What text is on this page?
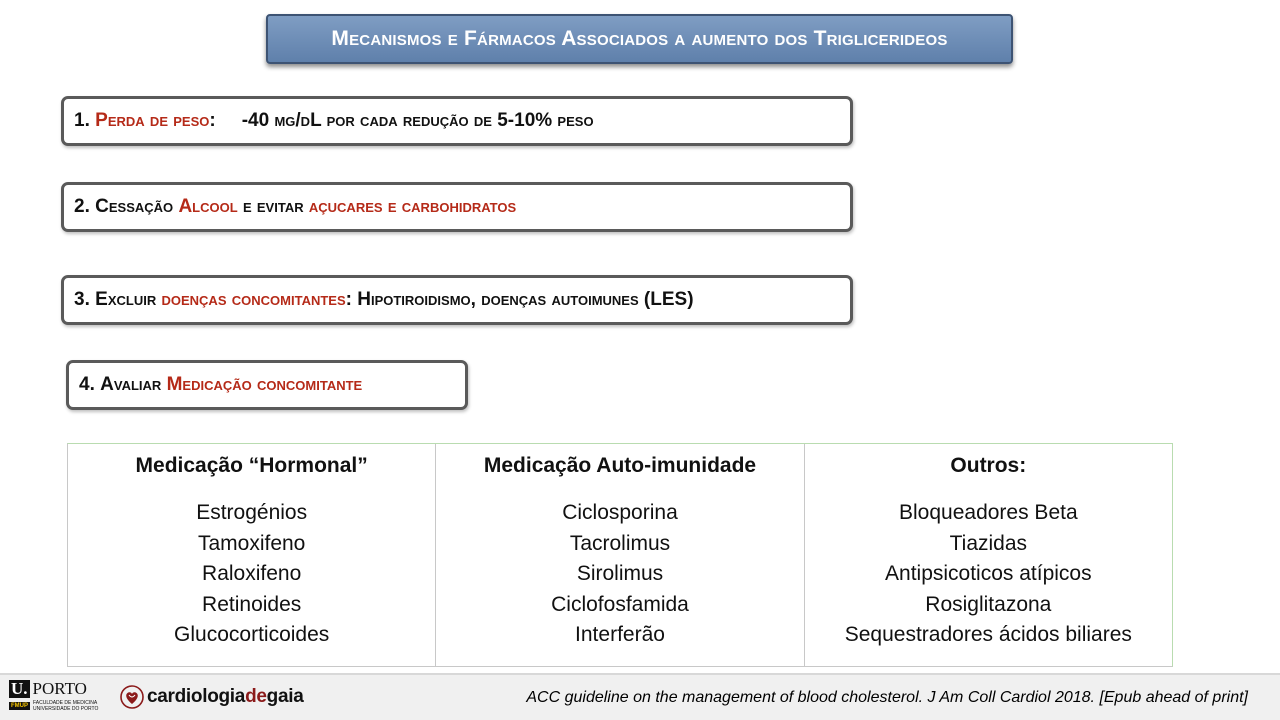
Mecanismos e Fármacos Associados a aumento dos Triglicerideos
1.
Perda de peso : -40 mg/dL por cada redução de 5-10% peso
2.
Cessação
Alcool
e evitar
açucares e carbohidratos
3.
Excluir
doenças concomitantes : Hipotiroidismo, doenças autoimunes (LES)
4.
Avaliar
Medicação concomitante
Medicação “Hormonal”
Estrogénios
Tamoxifeno
Raloxifeno
Retinoides
Glucocorticoides
Medicação Auto-imunidade
Ciclosporina
Tacrolimus
Sirolimus
Ciclofosfamida
Interferão
Outros:
Bloqueadores Beta
Tiazidas
Antipsicoticos atípicos
Rosiglitazona
Sequestradores ácidos biliares
U. PORTO
FMUP	FACULDADE DE MEDICINA
UNIVERSIDADE DO PORTO
cardiologiadegaia	ACC guideline on the management of blood cholesterol. J Am Coll Cardiol 2018. [Epub ahead of print]
